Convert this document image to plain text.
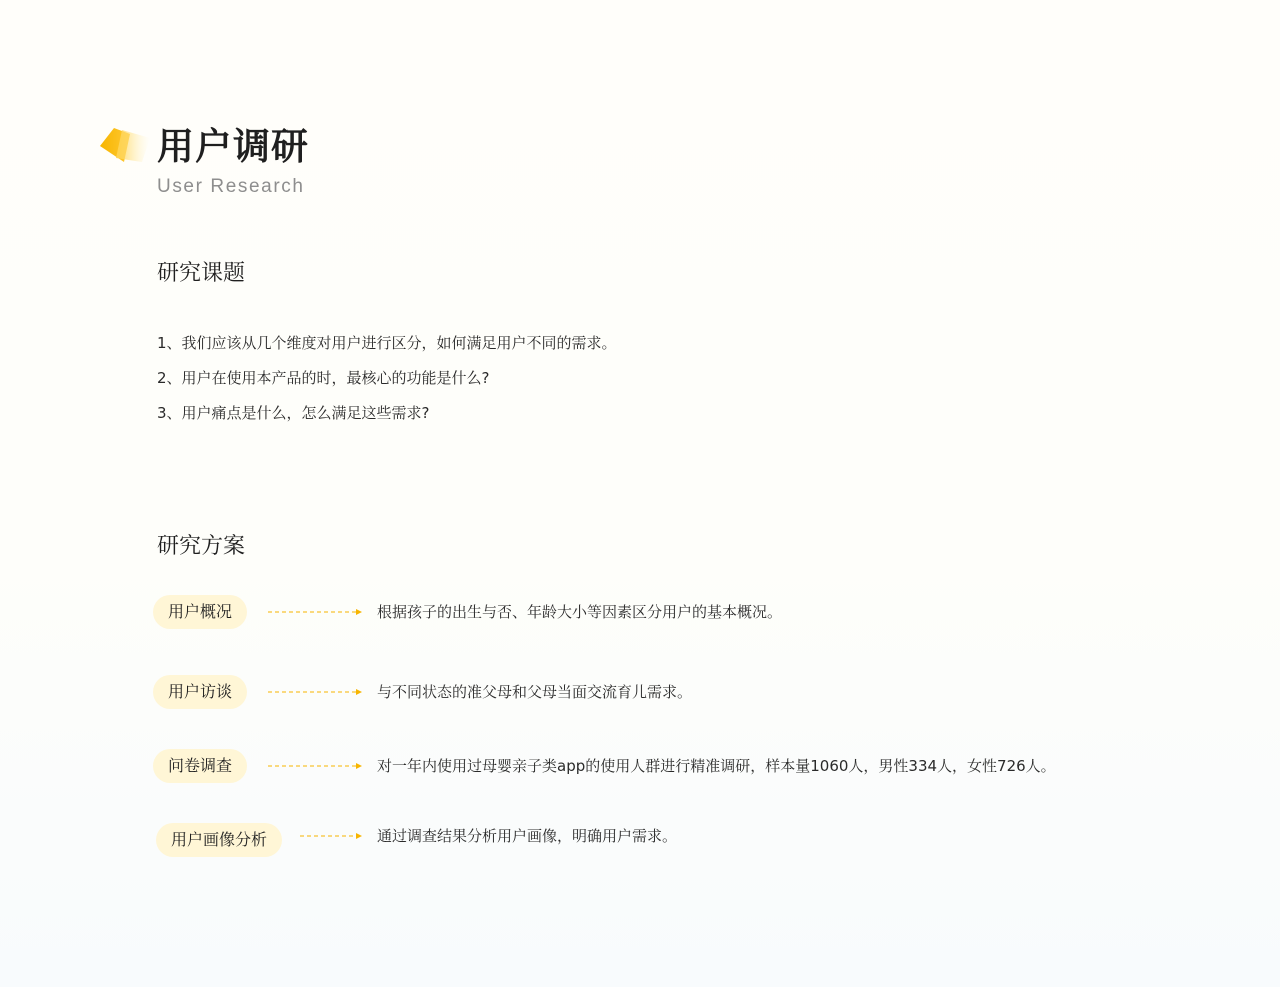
用户调研
User Research
研究课题
1、我们应该从几个维度对用户进行区分，如何满足用户不同的需求。
2、用户在使用本产品的时，最核心的功能是什么?
3、用户痛点是什么，怎么满足这些需求?
研究方案
用户概况	根据孩子的出生与否、年龄大小等因素区分用户的基本概况。
用户访谈	与不同状态的准父母和父母当面交流育儿需求。
问卷调查	对一年内使用过母婴亲子类app的使用人群进行精准调研，样本量1060人，男性334人，女性726人。
用户画像分析	通过调查结果分析用户画像，明确用户需求。
